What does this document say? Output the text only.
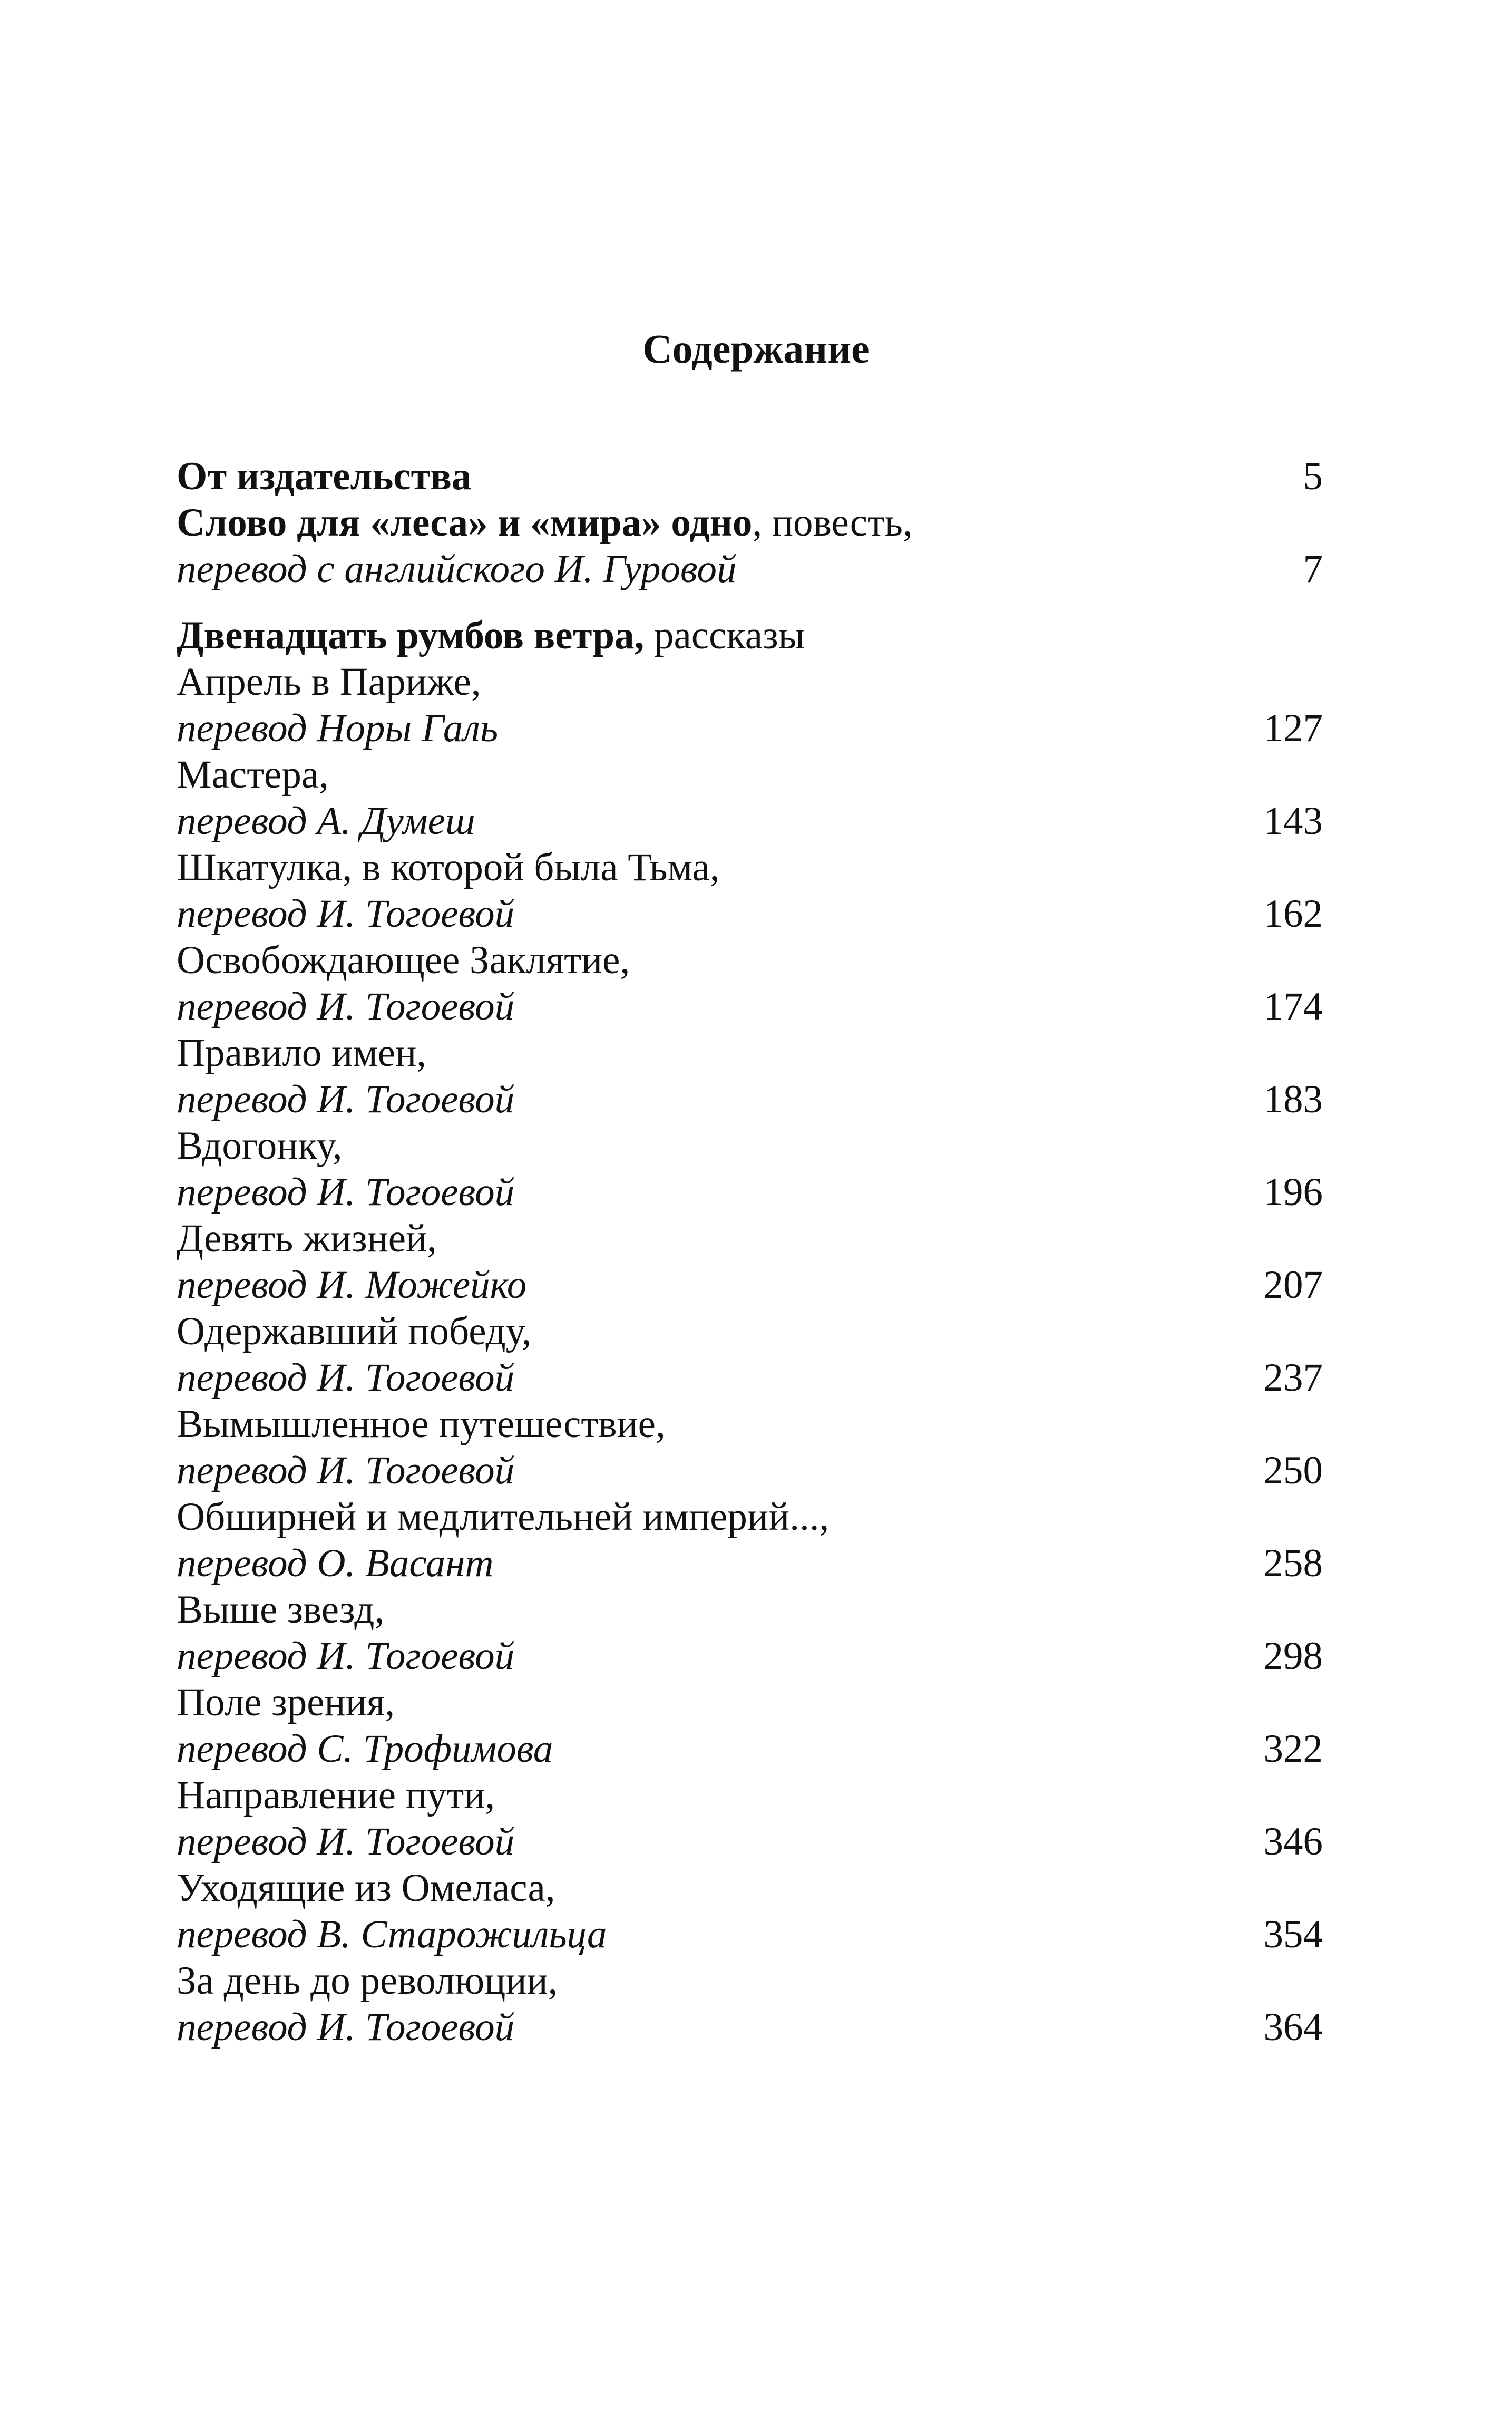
Содержание
От издательства	5
Слово для «леса» и «мира» одно, повесть,
перевод с английского И. Гуровой	7
Двенадцать румбов ветра, рассказы
Апрель в Париже,
перевод Норы Галь	127
Мастера,
перевод А. Думеш	143
Шкатулка, в которой была Тьма,
перевод И. Тогоевой	162
Освобождающее Заклятие,
перевод И. Тогоевой	174
Правило имен,
перевод И. Тогоевой	183
Вдогонку,
перевод И. Тогоевой	196
Девять жизней,
перевод И. Можейко	207
Одержавший победу,
перевод И. Тогоевой	237
Вымышленное путешествие,
перевод И. Тогоевой	250
Обширней и медлительней империй...,
перевод О. Васант	258
Выше звезд,
перевод И. Тогоевой	298
Поле зрения,
перевод С. Трофимова	322
Направление пути,
перевод И. Тогоевой	346
Уходящие из Омеласа,
перевод В. Старожильца	354
За день до революции,
перевод И. Тогоевой	364
